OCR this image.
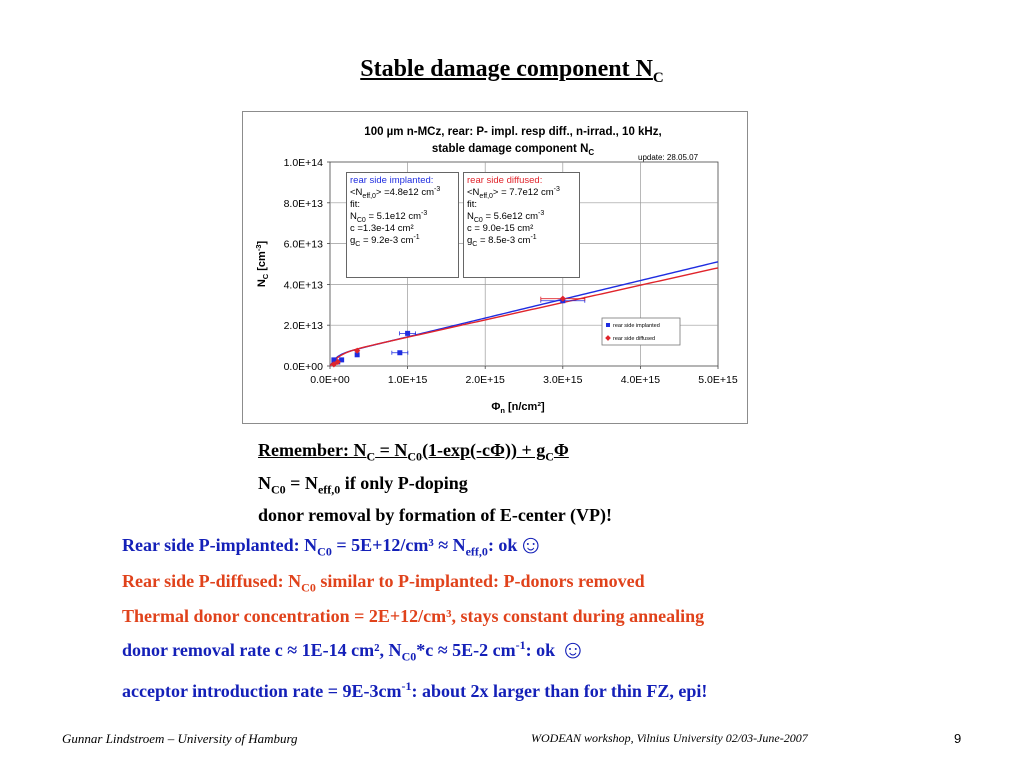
Stable damage component $N_C$
0.0E+00	1.0E+15	2.0E+15	3.0E+15	4.0E+15	5.0E+15
0.0E+00
2.0E+13
4.0E+13
6.0E+13
8.0E+13
1.0E+14
100 µm n-MCz, rear: P- impl. resp diff., n-irrad., 10 kHz,
stable damage component $N_C$
update: 28.05.07
$\Phi_n$ [n/cm²]
$N_C$ $[cm^{-3}]$
rear side implanted
rear side diffused
rear side implanted:
$<N_{eff,0}> =4.8e12$ $cm^{-3}$
fit:
$N_{C0} = 5.1e12$ $cm^{-3}$
c =1.3e-14 cm²
$g_C = 9.2e-3$ $cm^{-1}$
rear side diffused:
$<N_{eff,0}> = 7.7e12$ $cm^{-3}$
fit:
$N_{C0} = 5.6e12$ $cm^{-3}$
c = 9.0e-15 cm²
$g_C = 8.5e-3$ $cm^{-1}$
Remember: $N_C = N_{C0}(1-\exp(-c\Phi)) + g_C\Phi$
$N_{C0} = N_{eff,0}$ if only P-doping
donor removal by formation of E-center (VP)!
Rear side P-implanted: $N_{C0} = 5E+12/cm^3 \approx N_{eff,0}$: ok☺
Rear side P-diffused: $N_{C0}$ similar to P-implanted: P-donors removed
Thermal donor concentration = 2E+12/cm³, stays constant during annealing
donor removal rate c ≈ 1E-14 cm², $N_{C0}*c \approx 5E-2$ $cm^{-1}$: ok ☺
acceptor introduction rate = $9E-3cm^{-1}$: about 2x larger than for thin FZ, epi!
Gunnar Lindstroem – University of Hamburg	WODEAN workshop, Vilnius University 02/03-June-2007	9
